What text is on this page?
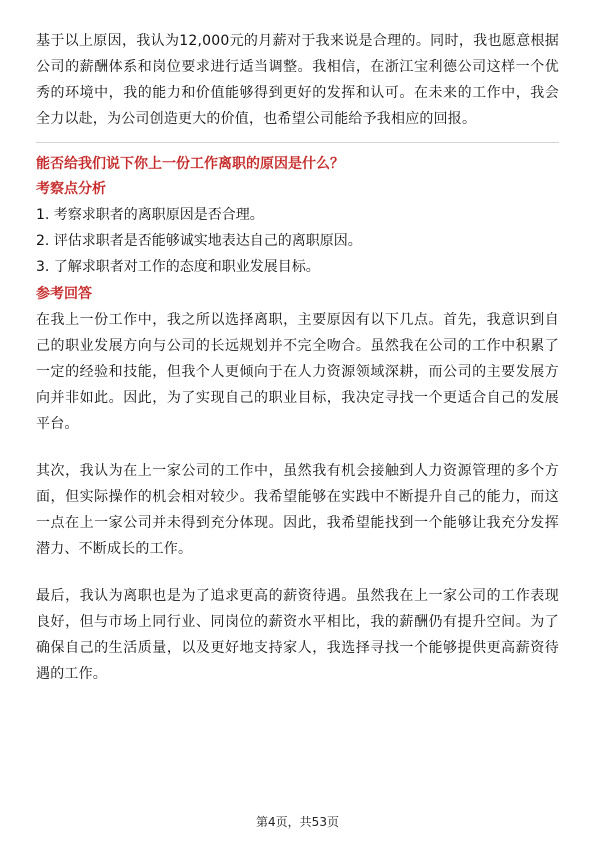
基于以上原因，我认为12,000元的月薪对于我来说是合理的。同时，我也愿意根据公司的薪酬体系和岗位要求进行适当调整。我相信，在浙江宝利德公司这样一个优秀的环境中，我的能力和价值能够得到更好的发挥和认可。在未来的工作中，我会全力以赴，为公司创造更大的价值，也希望公司能给予我相应的回报。

能否给我们说下你上一份工作离职的原因是什么？

考察点分析

1. 考察求职者的离职原因是否合理。
2. 评估求职者是否能够诚实地表达自己的离职原因。
3. 了解求职者对工作的态度和职业发展目标。

参考回答

在我上一份工作中，我之所以选择离职，主要原因有以下几点。首先，我意识到自己的职业发展方向与公司的长远规划并不完全吻合。虽然我在公司的工作中积累了一定的经验和技能，但我个人更倾向于在人力资源领域深耕，而公司的主要发展方向并非如此。因此，为了实现自己的职业目标，我决定寻找一个更适合自己的发展平台。

其次，我认为在上一家公司的工作中，虽然我有机会接触到人力资源管理的多个方面，但实际操作的机会相对较少。我希望能够在实践中不断提升自己的能力，而这一点在上一家公司并未得到充分体现。因此，我希望能找到一个能够让我充分发挥潜力、不断成长的工作。

最后，我认为离职也是为了追求更高的薪资待遇。虽然我在上一家公司的工作表现良好，但与市场上同行业、同岗位的薪资水平相比，我的薪酬仍有提升空间。为了确保自己的生活质量，以及更好地支持家人，我选择寻找一个能够提供更高薪资待遇的工作。

第4页，共53页
